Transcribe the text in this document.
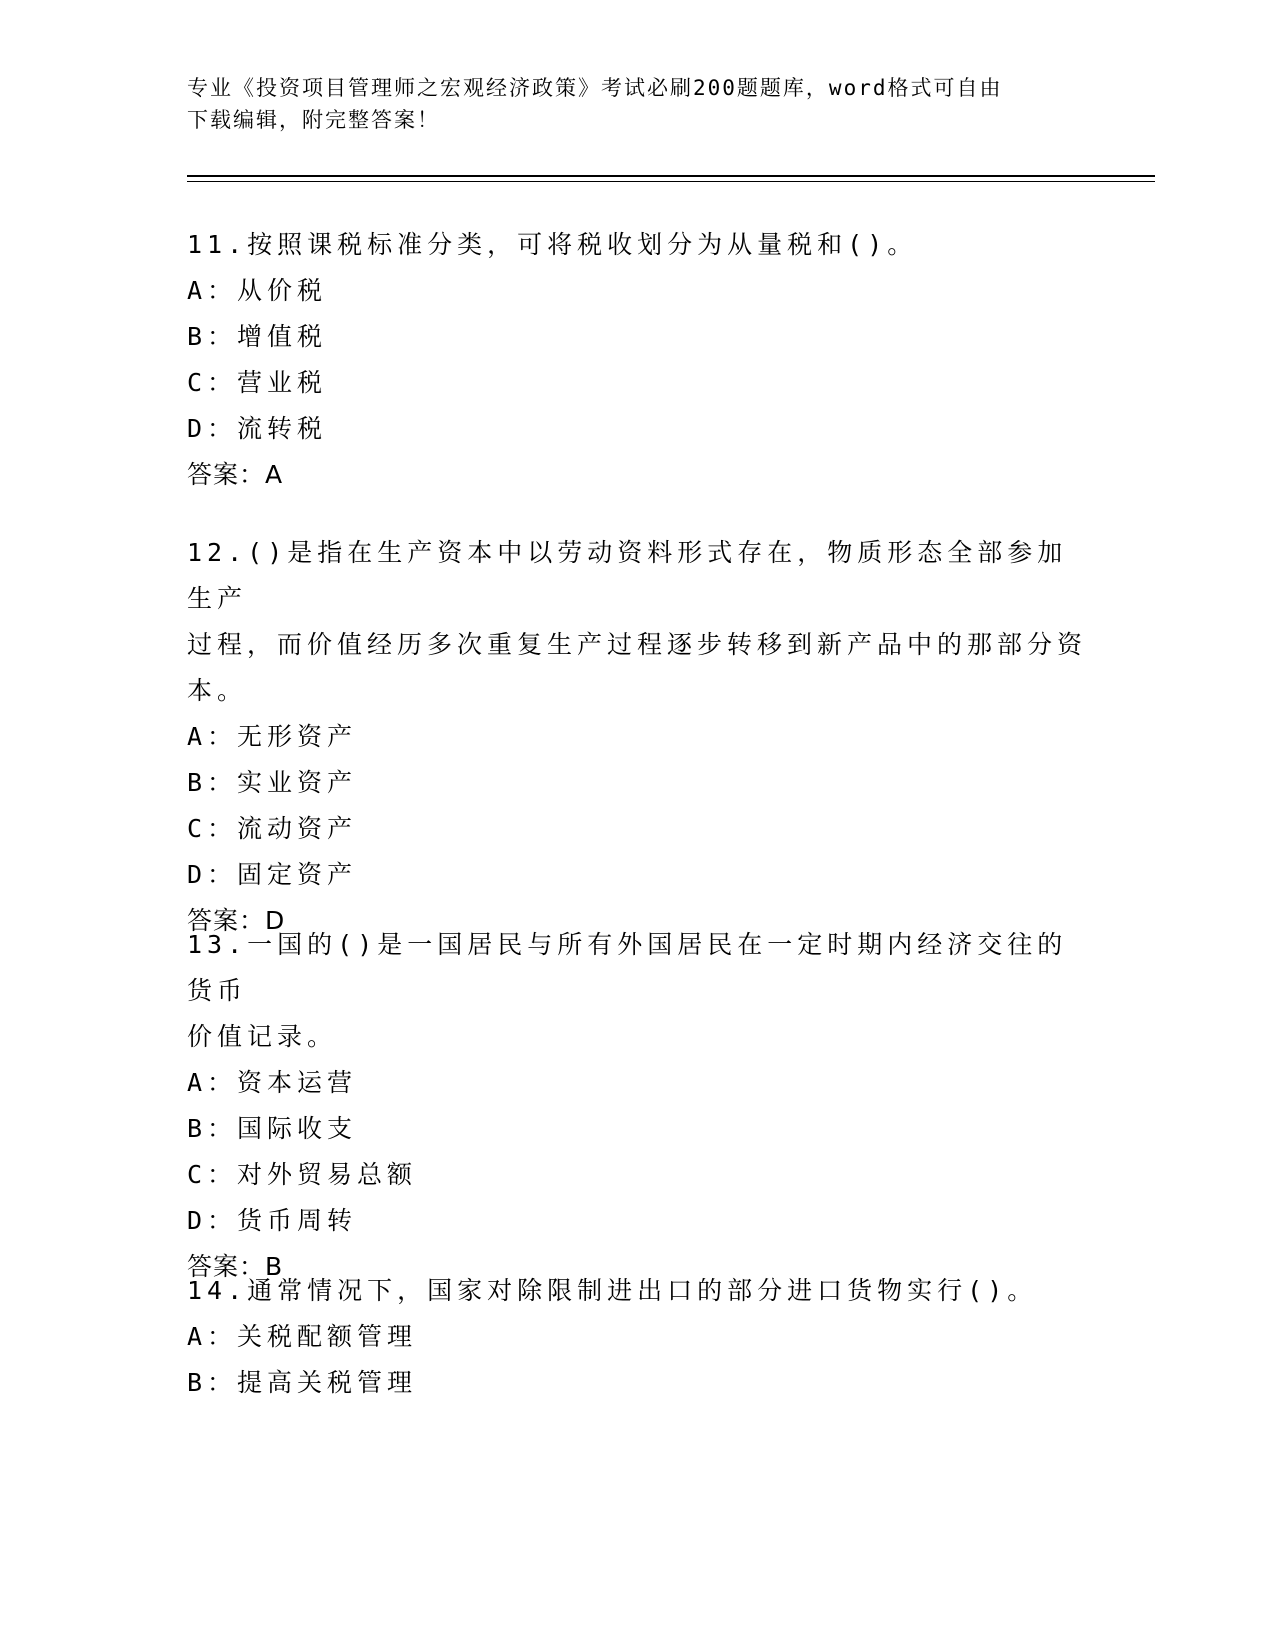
专业《投资项目管理师之宏观经济政策》考试必刷200题题库，word格式可自由
下载编辑，附完整答案！

11.按照课税标准分类，可将税收划分为从量税和()。

A：从价税

B：增值税

C：营业税

D：流转税

答案：A

12.()是指在生产资本中以劳动资料形式存在，物质形态全部参加生产

过程，而价值经历多次重复生产过程逐步转移到新产品中的那部分资

本。

A：无形资产

B：实业资产

C：流动资产

D：固定资产

答案：D

13.一国的()是一国居民与所有外国居民在一定时期内经济交往的货币

价值记录。

A：资本运营

B：国际收支

C：对外贸易总额

D：货币周转

答案：B

14.通常情况下，国家对除限制进出口的部分进口货物实行()。

A：关税配额管理

B：提高关税管理
